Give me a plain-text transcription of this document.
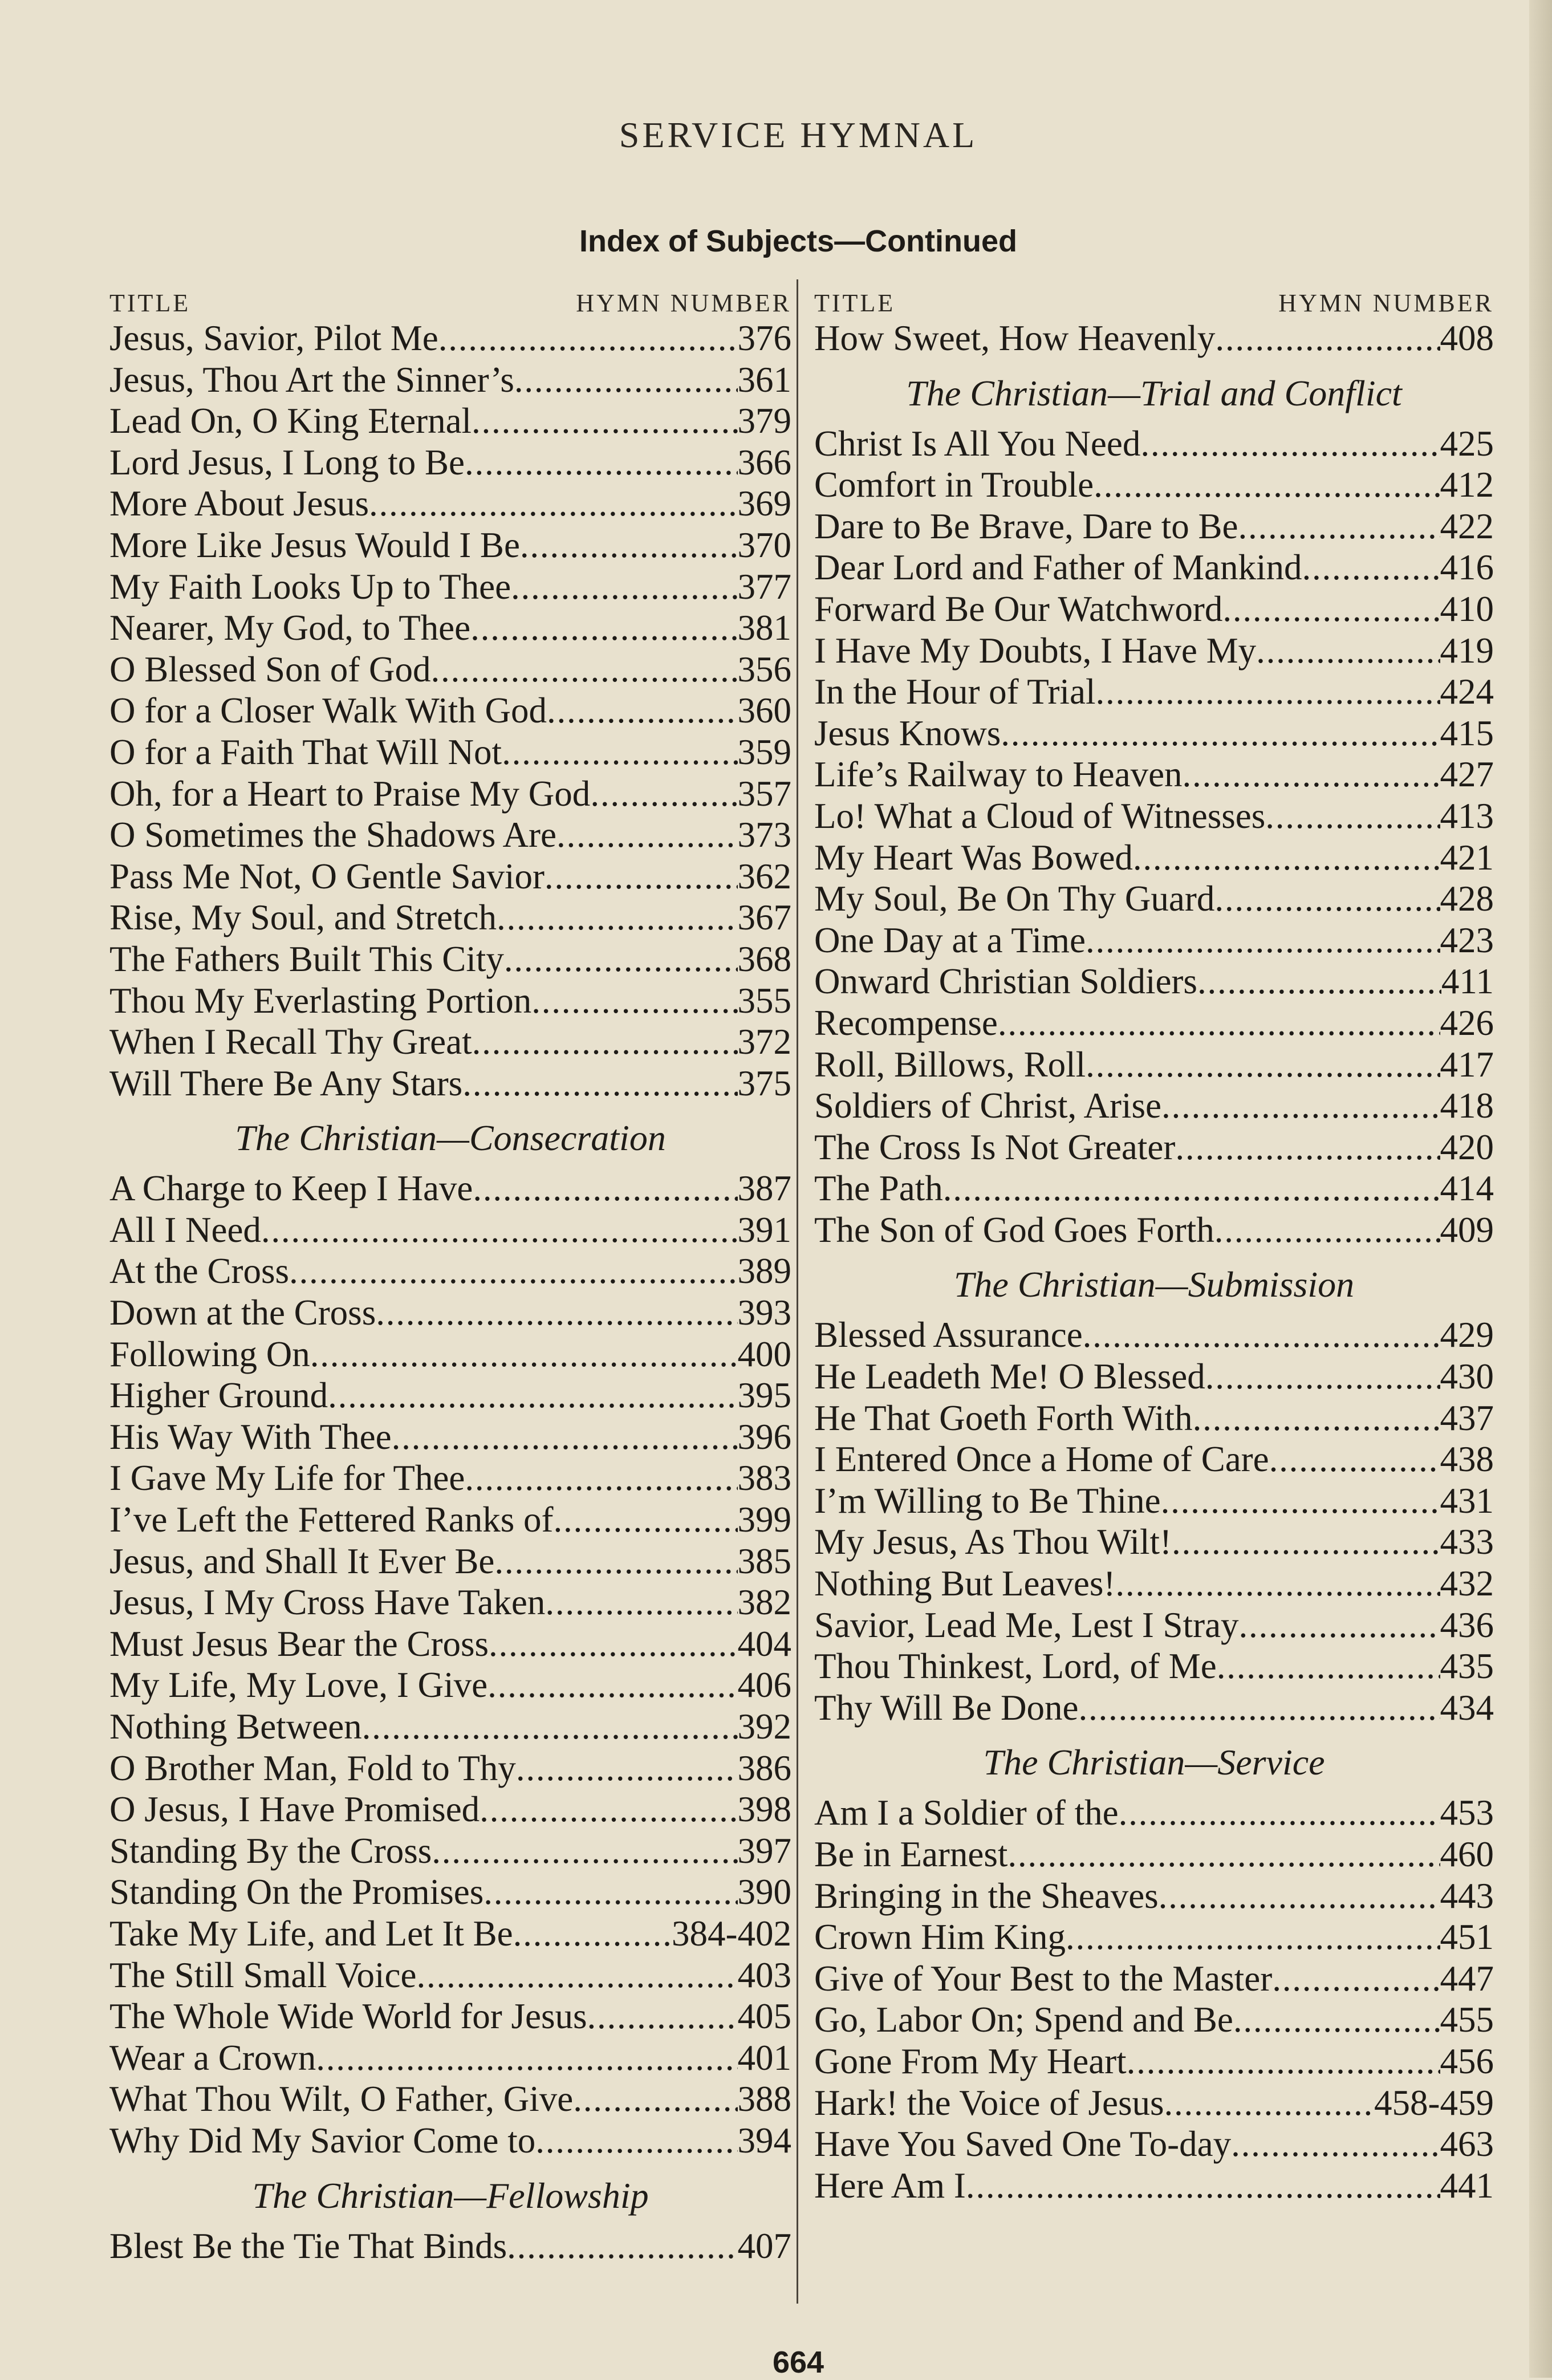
SERVICE HYMNAL
Index of Subjects—Continued
TITLE	HYMN NUMBER
Jesus, Savior, Pilot Me . . .	376
Jesus, Thou Art the Sinner’s . . .	361
Lead On, O King Eternal . . .	379
Lord Jesus, I Long to Be . . .	366
More About Jesus . . .	369
More Like Jesus Would I Be . . .	370
My Faith Looks Up to Thee . . .	377
Nearer, My God, to Thee . . .	381
O Blessed Son of God . . .	356
O for a Closer Walk With God . . .	360
O for a Faith That Will Not . . .	359
Oh, for a Heart to Praise My God . . .	357
O Sometimes the Shadows Are . . .	373
Pass Me Not, O Gentle Savior . . .	362
Rise, My Soul, and Stretch . . .	367
The Fathers Built This City . . .	368
Thou My Everlasting Portion . . .	355
When I Recall Thy Great . . .	372
Will There Be Any Stars . . .	375
The Christian—Consecration
A Charge to Keep I Have . . .	387
All I Need . . .	391
At the Cross . . .	389
Down at the Cross . . .	393
Following On . . .	400
Higher Ground . . .	395
His Way With Thee . . .	396
I Gave My Life for Thee . . .	383
I’ve Left the Fettered Ranks of . . .	399
Jesus, and Shall It Ever Be . . .	385
Jesus, I My Cross Have Taken . . .	382
Must Jesus Bear the Cross . . .	404
My Life, My Love, I Give . . .	406
Nothing Between . . .	392
O Brother Man, Fold to Thy . . .	386
O Jesus, I Have Promised . . .	398
Standing By the Cross . . .	397
Standing On the Promises . . .	390
Take My Life, and Let It Be . . .	384-402
The Still Small Voice . . .	403
The Whole Wide World for Jesus . . .	405
Wear a Crown . . .	401
What Thou Wilt, O Father, Give . . .	388
Why Did My Savior Come to . . .	394
The Christian—Fellowship
Blest Be the Tie That Binds . . .	407
TITLE	HYMN NUMBER
How Sweet, How Heavenly . . .	408
The Christian—Trial and Conflict
Christ Is All You Need . . .	425
Comfort in Trouble . . .	412
Dare to Be Brave, Dare to Be . . .	422
Dear Lord and Father of Mankind . . .	416
Forward Be Our Watchword . . .	410
I Have My Doubts, I Have My . . .	419
In the Hour of Trial . . .	424
Jesus Knows . . .	415
Life’s Railway to Heaven . . .	427
Lo! What a Cloud of Witnesses . . .	413
My Heart Was Bowed . . .	421
My Soul, Be On Thy Guard . . .	428
One Day at a Time . . .	423
Onward Christian Soldiers . . .	411
Recompense . . .	426
Roll, Billows, Roll . . .	417
Soldiers of Christ, Arise . . .	418
The Cross Is Not Greater . . .	420
The Path . . .	414
The Son of God Goes Forth . . .	409
The Christian—Submission
Blessed Assurance . . .	429
He Leadeth Me! O Blessed . . .	430
He That Goeth Forth With . . .	437
I Entered Once a Home of Care . . .	438
I’m Willing to Be Thine . . .	431
My Jesus, As Thou Wilt! . . .	433
Nothing But Leaves! . . .	432
Savior, Lead Me, Lest I Stray . . .	436
Thou Thinkest, Lord, of Me . . .	435
Thy Will Be Done . . .	434
The Christian—Service
Am I a Soldier of the . . .	453
Be in Earnest . . .	460
Bringing in the Sheaves . . .	443
Crown Him King . . .	451
Give of Your Best to the Master . . .	447
Go, Labor On; Spend and Be . . .	455
Gone From My Heart . . .	456
Hark! the Voice of Jesus . . .	458-459
Have You Saved One To-day . . .	463
Here Am I . . .	441
664
